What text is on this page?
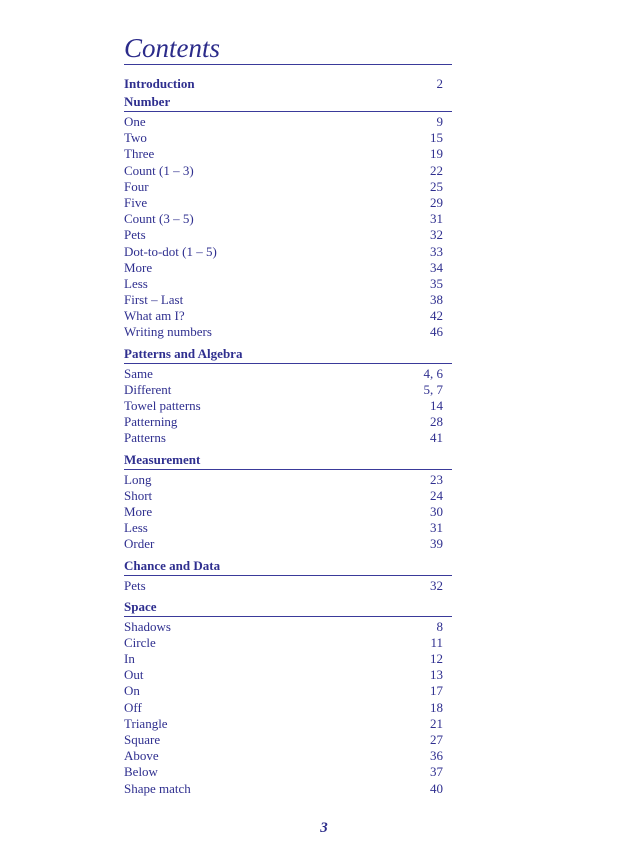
Contents
Introduction	2
Number
One	9
Two	15
Three	19
Count (1 – 3)	22
Four	25
Five	29
Count (3 – 5)	31
Pets	32
Dot-to-dot (1 – 5)	33
More	34
Less	35
First – Last	38
What am I?	42
Writing numbers	46
Patterns and Algebra
Same	4, 6
Different	5, 7
Towel patterns	14
Patterning	28
Patterns	41
Measurement
Long	23
Short	24
More	30
Less	31
Order	39
Chance and Data
Pets	32
Space
Shadows	8
Circle	11
In	12
Out	13
On	17
Off	18
Triangle	21
Square	27
Above	36
Below	37
Shape match	40
3
